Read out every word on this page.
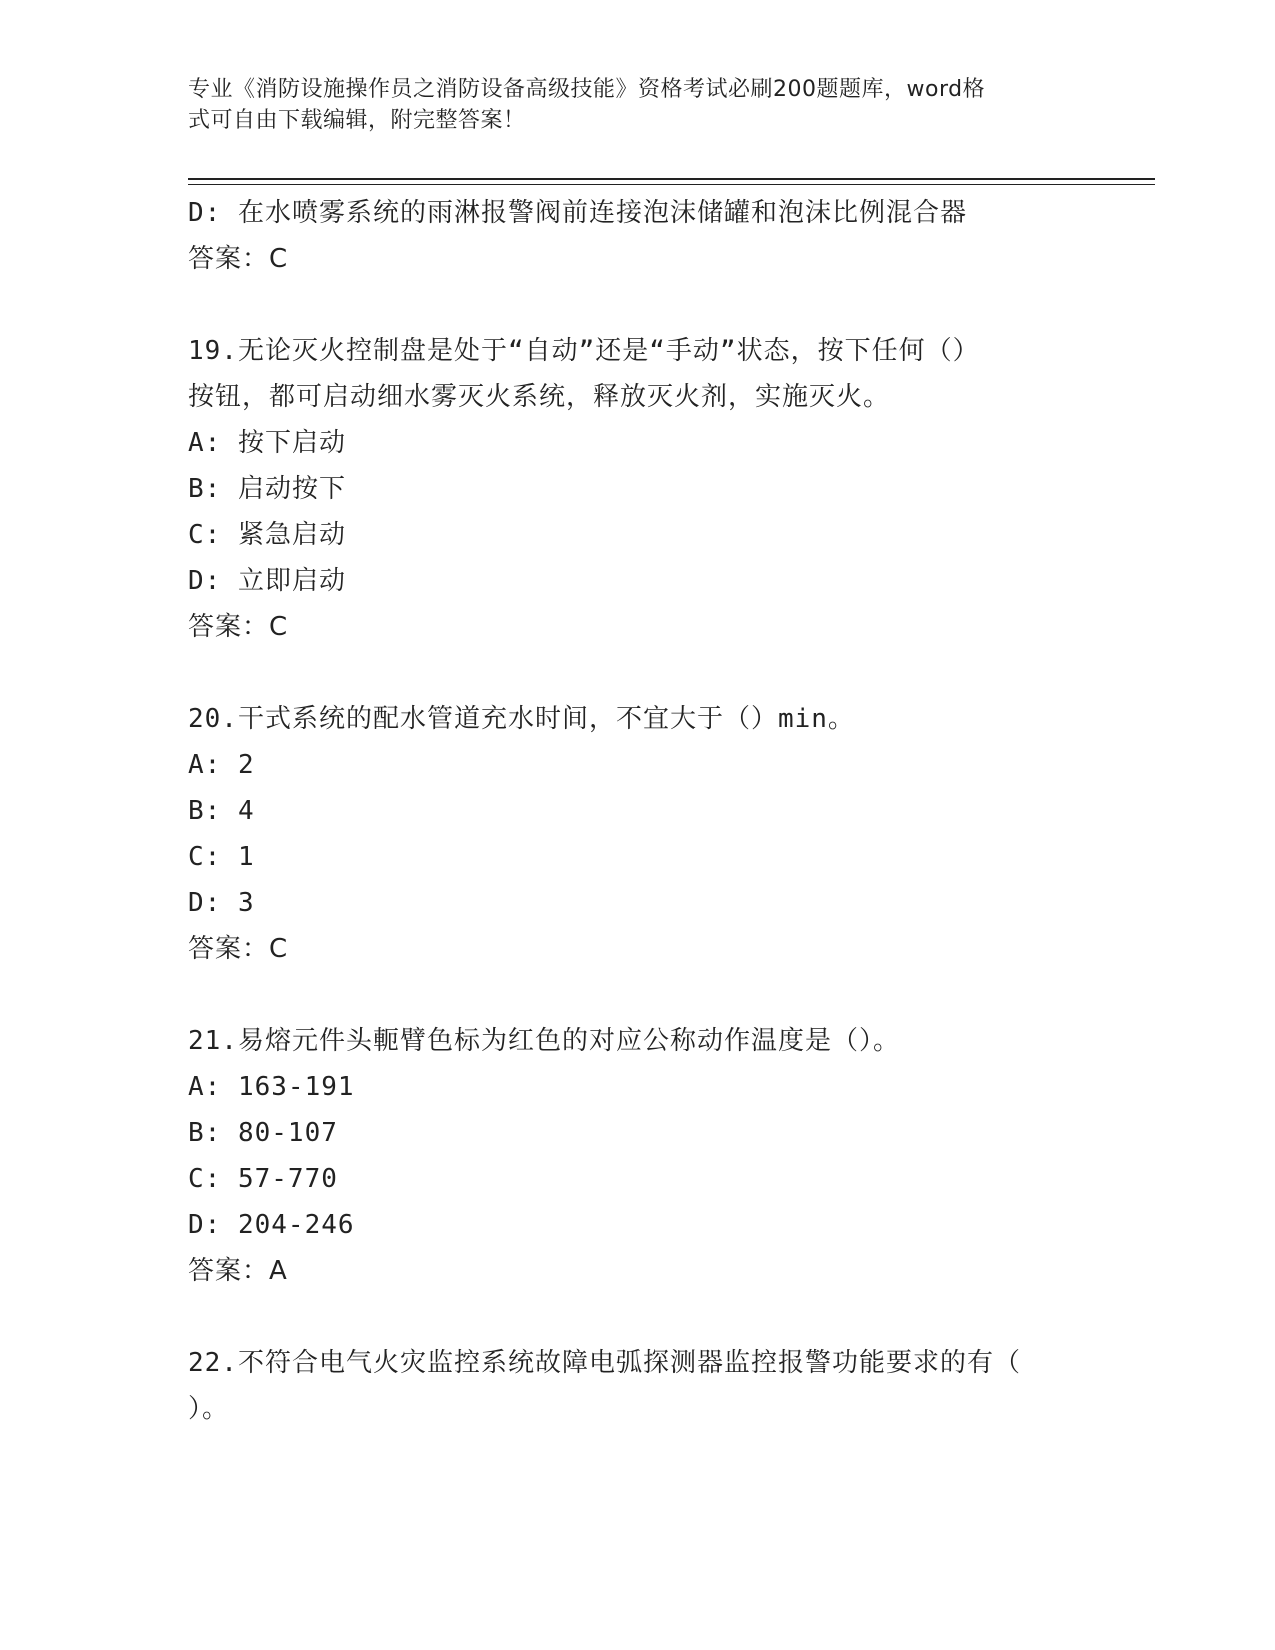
专业《消防设施操作员之消防设备高级技能》资格考试必刷200题题库，word格
式可自由下载编辑，附完整答案！
D: 在水喷雾系统的雨淋报警阀前连接泡沫储罐和泡沫比例混合器
答案：C
19.无论灭火控制盘是处于“自动”还是“手动”状态，按下任何（）
按钮，都可启动细水雾灭火系统，释放灭火剂，实施灭火。
A: 按下启动
B: 启动按下
C: 紧急启动
D: 立即启动
答案：C
20.干式系统的配水管道充水时间，不宜大于（）min。
A: 2
B: 4
C: 1
D: 3
答案：C
21.易熔元件头軛臂色标为红色的对应公称动作温度是（）。
A: 163-191
B: 80-107
C: 57-770
D: 204-246
答案：A
22.不符合电气火灾监控系统故障电弧探测器监控报警功能要求的有（
）。
